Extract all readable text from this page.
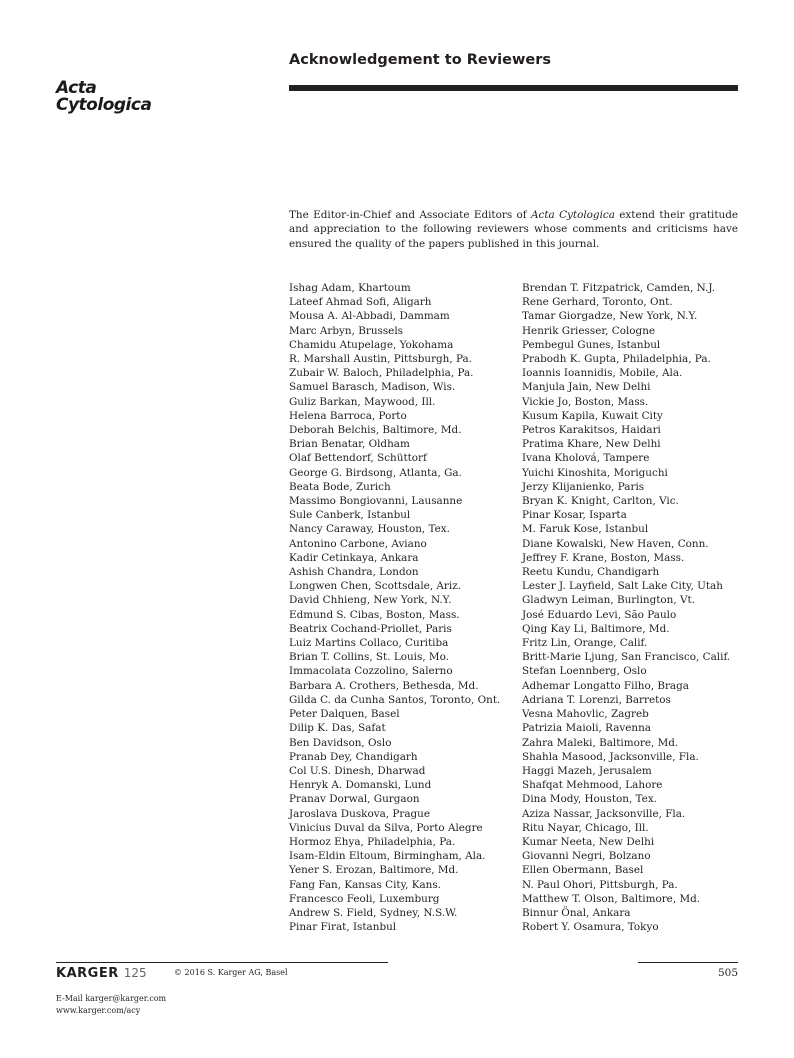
Acta
Cytologica
Acknowledgement to Reviewers

The Editor-in-Chief and Associate Editors of Acta Cytologica extend their gratitude and appreciation to the following reviewers whose comments and criticisms have ensured the quality of the papers published in this journal.

Ishag Adam, Khartoum
Lateef Ahmad Sofi, Aligarh
Mousa A. Al-Abbadi, Dammam
Marc Arbyn, Brussels
Chamidu Atupelage, Yokohama
R. Marshall Austin, Pittsburgh, Pa.
Zubair W. Baloch, Philadelphia, Pa.
Samuel Barasch, Madison, Wis.
Guliz Barkan, Maywood, Ill.
Helena Barroca, Porto
Deborah Belchis, Baltimore, Md.
Brian Benatar, Oldham
Olaf Bettendorf, Schüttorf
George G. Birdsong, Atlanta, Ga.
Beata Bode, Zurich
Massimo Bongiovanni, Lausanne
Sule Canberk, Istanbul
Nancy Caraway, Houston, Tex.
Antonino Carbone, Aviano
Kadir Cetinkaya, Ankara
Ashish Chandra, London
Longwen Chen, Scottsdale, Ariz.
David Chhieng, New York, N.Y.
Edmund S. Cibas, Boston, Mass.
Beatrix Cochand-Priollet, Paris
Luiz Martins Collaco, Curitiba
Brian T. Collins, St. Louis, Mo.
Immacolata Cozzolino, Salerno
Barbara A. Crothers, Bethesda, Md.
Gilda C. da Cunha Santos, Toronto, Ont.
Peter Dalquen, Basel
Dilip K. Das, Safat
Ben Davidson, Oslo
Pranab Dey, Chandigarh
Col U.S. Dinesh, Dharwad
Henryk A. Domanski, Lund
Pranav Dorwal, Gurgaon
Jaroslava Duskova, Prague
Vinicius Duval da Silva, Porto Alegre
Hormoz Ehya, Philadelphia, Pa.
Isam-Eldin Eltoum, Birmingham, Ala.
Yener S. Erozan, Baltimore, Md.
Fang Fan, Kansas City, Kans.
Francesco Feoli, Luxemburg
Andrew S. Field, Sydney, N.S.W.
Pinar Firat, Istanbul
Brendan T. Fitzpatrick, Camden, N.J.
Rene Gerhard, Toronto, Ont.
Tamar Giorgadze, New York, N.Y.
Henrik Griesser, Cologne
Pembegul Gunes, Istanbul
Prabodh K. Gupta, Philadelphia, Pa.
Ioannis Ioannidis, Mobile, Ala.
Manjula Jain, New Delhi
Vickie Jo, Boston, Mass.
Kusum Kapila, Kuwait City
Petros Karakitsos, Haidari
Pratima Khare, New Delhi
Ivana Kholová, Tampere
Yuichi Kinoshita, Moriguchi
Jerzy Klijanienko, Paris
Bryan K. Knight, Carlton, Vic.
Pinar Kosar, Isparta
M. Faruk Kose, Istanbul
Diane Kowalski, New Haven, Conn.
Jeffrey F. Krane, Boston, Mass.
Reetu Kundu, Chandigarh
Lester J. Layfield, Salt Lake City, Utah
Gladwyn Leiman, Burlington, Vt.
José Eduardo Levi, São Paulo
Qing Kay Li, Baltimore, Md.
Fritz Lin, Orange, Calif.
Britt-Marie Ljung, San Francisco, Calif.
Stefan Loennberg, Oslo
Adhemar Longatto Filho, Braga
Adriana T. Lorenzi, Barretos
Vesna Mahovlic, Zagreb
Patrizia Maioli, Ravenna
Zahra Maleki, Baltimore, Md.
Shahla Masood, Jacksonville, Fla.
Haggi Mazeh, Jerusalem
Shafqat Mehmood, Lahore
Dina Mody, Houston, Tex.
Aziza Nassar, Jacksonville, Fla.
Ritu Nayar, Chicago, Ill.
Kumar Neeta, New Delhi
Giovanni Negri, Bolzano
Ellen Obermann, Basel
N. Paul Ohori, Pittsburgh, Pa.
Matthew T. Olson, Baltimore, Md.
Binnur Önal, Ankara
Robert Y. Osamura, Tokyo
KARGER 125	© 2016 S. Karger AG, Basel	505
E-Mail karger@karger.com
www.karger.com/acy
